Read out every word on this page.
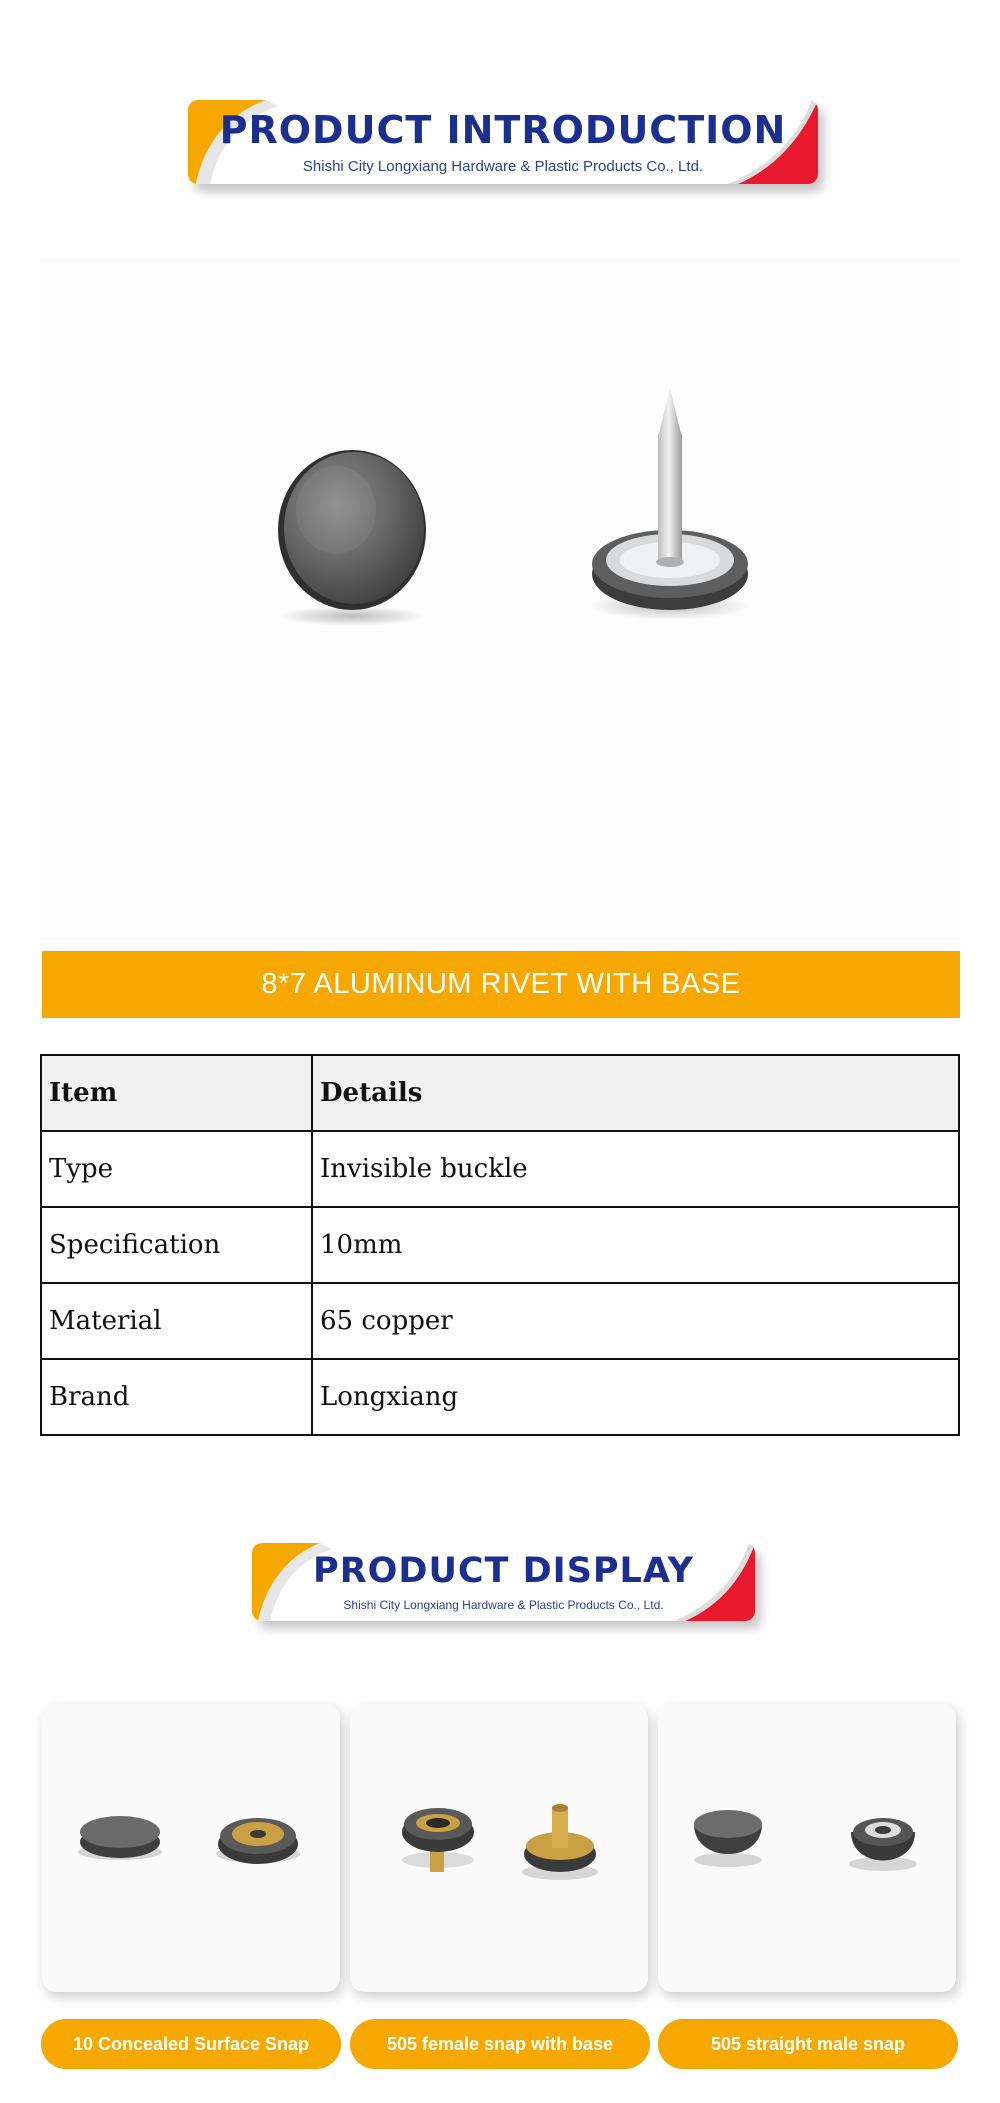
PRODUCT INTRODUCTION
Shishi City Longxiang Hardware & Plastic Products Co., Ltd.
8*7 ALUMINUM RIVET WITH BASE
Item	Details
Type	Invisible buckle
Specification	10mm
Material	65 copper
Brand	Longxiang
PRODUCT DISPLAY
Shishi City Longxiang Hardware & Plastic Products Co., Ltd.
10 Concealed Surface Snap	505 female snap with base	505 straight male snap
